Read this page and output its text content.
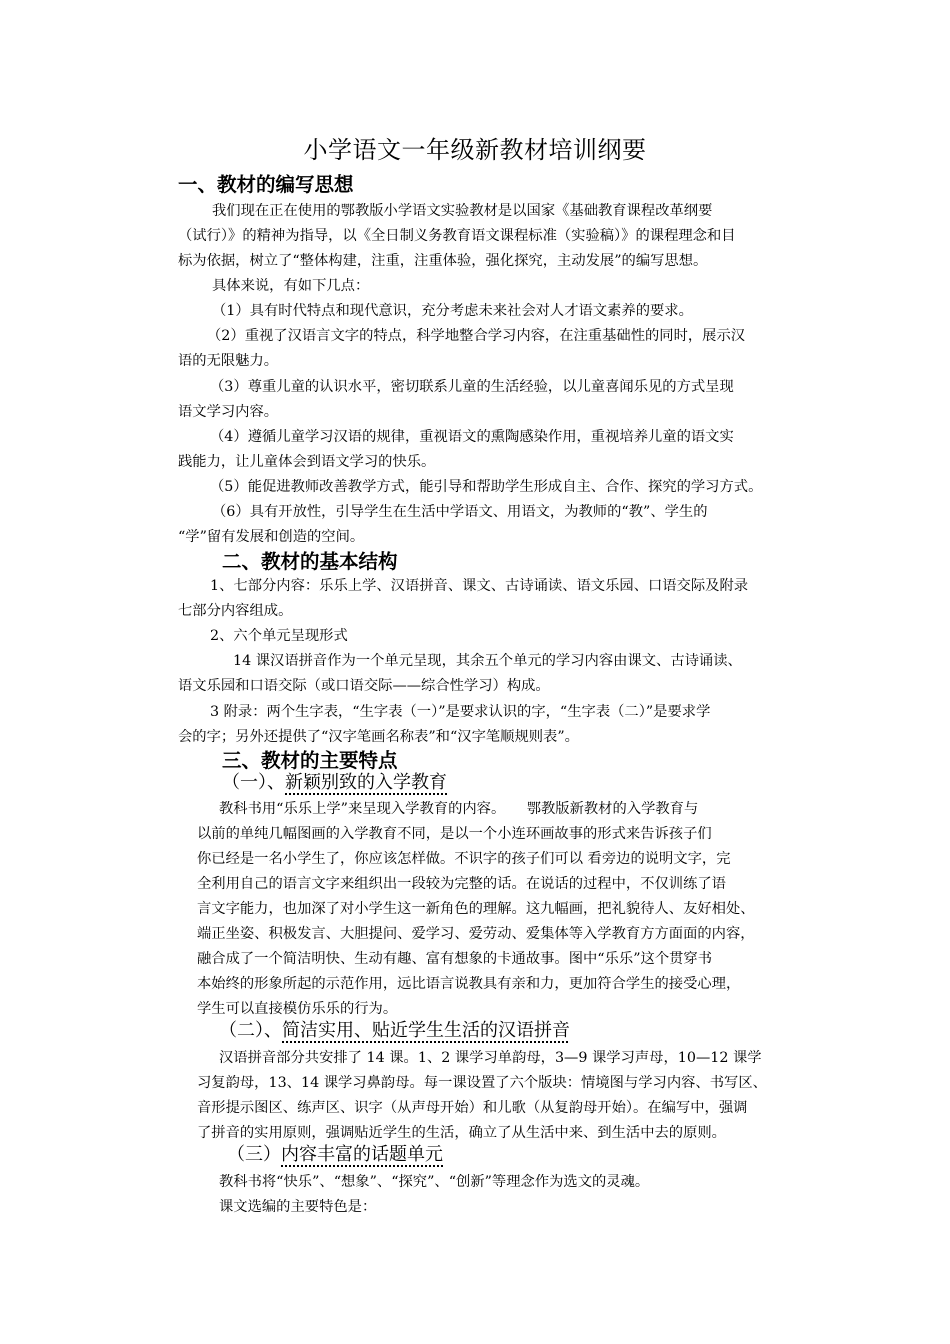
小学语文一年级新教材培训纲要
一、教材的编写思想
我们现在正在使用的鄂教版小学语文实验教材是以国家《基础教育课程改革纲要
（试行）》的精神为指导，以《全日制义务教育语文课程标准（实验稿）》的课程理念和目
标为依据，树立了“整体构建，注重，注重体验，强化探究，主动发展”的编写思想。
具体来说，有如下几点：
（1）具有时代特点和现代意识，充分考虑未来社会对人才语文素养的要求。
（2）重视了汉语言文字的特点，科学地整合学习内容，在注重基础性的同时，展示汉
语的无限魅力。
（3）尊重儿童的认识水平，密切联系儿童的生活经验，以儿童喜闻乐见的方式呈现
语文学习内容。
（4）遵循儿童学习汉语的规律，重视语文的熏陶感染作用，重视培养儿童的语文实
践能力，让儿童体会到语文学习的快乐。
（5）能促进教师改善教学方式，能引导和帮助学生形成自主、合作、探究的学习方式。
（6）具有开放性，引导学生在生活中学语文、用语文，为教师的“教”、学生的
“学”留有发展和创造的空间。
二、教材的基本结构
1、七部分内容：乐乐上学、汉语拼音、课文、古诗诵读、语文乐园、口语交际及附录
七部分内容组成。
2、六个单元呈现形式
14 课汉语拼音作为一个单元呈现，其余五个单元的学习内容由课文、古诗诵读、
语文乐园和口语交际（或口语交际——综合性学习）构成。
3 附录：两个生字表，“生字表（一）”是要求认识的字，“生字表（二）”是要求学
会的字；另外还提供了“汉字笔画名称表”和“汉字笔顺规则表”。
三、教材的主要特点
（一）、新颖别致的入学教育
教科书用“乐乐上学”来呈现入学教育的内容。　　鄂教版新教材的入学教育与
以前的单纯几幅图画的入学教育不同，是以一个小连环画故事的形式来告诉孩子们
你已经是一名小学生了，你应该怎样做。不识字的孩子们可以 看旁边的说明文字，完
全利用自己的语言文字来组织出一段较为完整的话。在说话的过程中，不仅训练了语
言文字能力，也加深了对小学生这一新角色的理解。这九幅画，把礼貌待人、友好相处、
端正坐姿、积极发言、大胆提问、爱学习、爱劳动、爱集体等入学教育方方面面的内容，
融合成了一个简洁明快、生动有趣、富有想象的卡通故事。图中“乐乐”这个贯穿书
本始终的形象所起的示范作用，远比语言说教具有亲和力，更加符合学生的接受心理，
学生可以直接模仿乐乐的行为。
（二）、简洁实用、贴近学生生活的汉语拼音
汉语拼音部分共安排了 14 课。1、2 课学习单韵母，3—9 课学习声母，10—12 课学
习复韵母，13、14 课学习鼻韵母。每一课设置了六个版块：情境图与学习内容、书写区、
音形提示图区、练声区、识字（从声母开始）和儿歌（从复韵母开始）。在编写中，强调
了拼音的实用原则，强调贴近学生的生活，确立了从生活中来、到生活中去的原则。
（三）内容丰富的话题单元
教科书将“快乐”、“想象”、“探究”、“创新”等理念作为选文的灵魂。
课文选编的主要特色是：
